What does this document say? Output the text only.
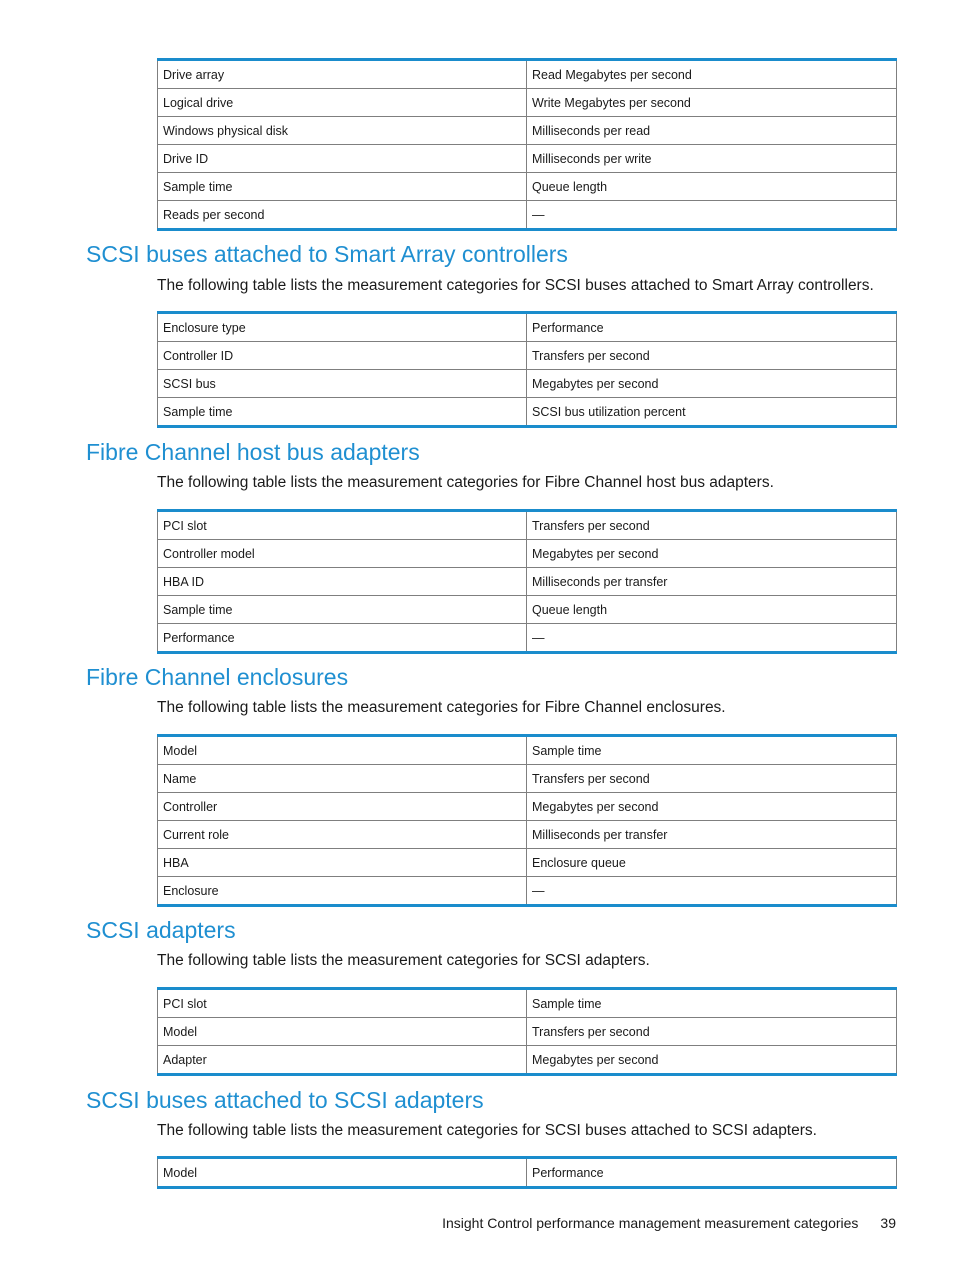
Drive array	Read Megabytes per second
Logical drive	Write Megabytes per second
Windows physical disk	Milliseconds per read
Drive ID	Milliseconds per write
Sample time	Queue length
Reads per second	—
SCSI buses attached to Smart Array controllers

The following table lists the measurement categories for SCSI buses attached to Smart Array controllers.

Enclosure type	Performance
Controller ID	Transfers per second
SCSI bus	Megabytes per second
Sample time	SCSI bus utilization percent
Fibre Channel host bus adapters

The following table lists the measurement categories for Fibre Channel host bus adapters.

PCI slot	Transfers per second
Controller model	Megabytes per second
HBA ID	Milliseconds per transfer
Sample time	Queue length
Performance	—
Fibre Channel enclosures

The following table lists the measurement categories for Fibre Channel enclosures.

Model	Sample time
Name	Transfers per second
Controller	Megabytes per second
Current role	Milliseconds per transfer
HBA	Enclosure queue
Enclosure	—
SCSI adapters

The following table lists the measurement categories for SCSI adapters.

PCI slot	Sample time
Model	Transfers per second
Adapter	Megabytes per second
SCSI buses attached to SCSI adapters

The following table lists the measurement categories for SCSI buses attached to SCSI adapters.

Model	Performance
Insight Control performance management measurement categories 39
